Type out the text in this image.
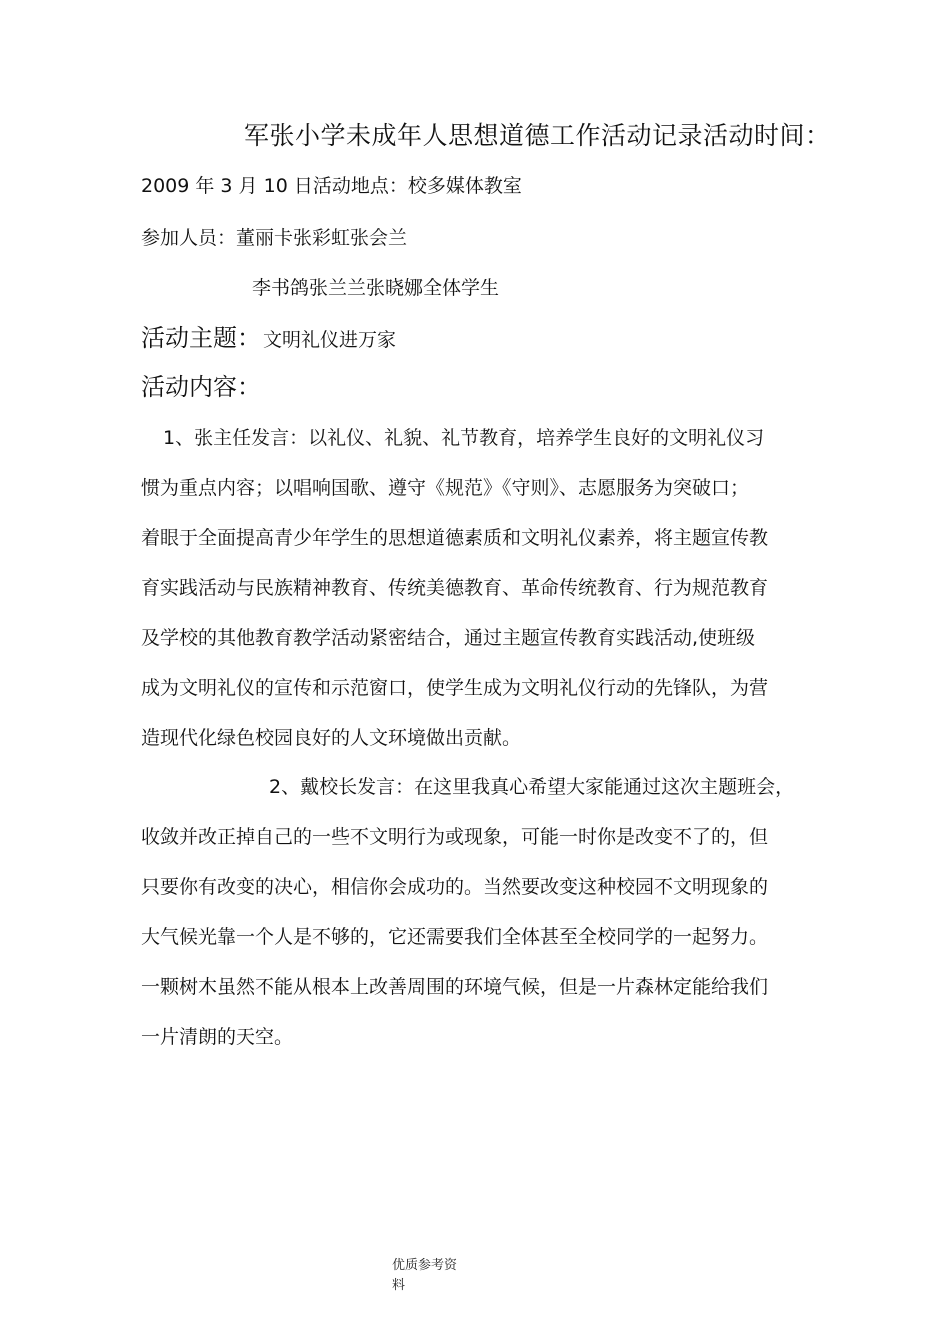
军张小学未成年人思想道德工作活动记录活动时间：
2009 年 3 月 10 日活动地点：校多媒体教室
参加人员：董丽卡张彩虹张会兰
李书鸽张兰兰张晓娜全体学生
活动主题： 文明礼仪进万家
活动内容：
1、张主任发言：以礼仪、礼貌、礼节教育，培养学生良好的文明礼仪习
惯为重点内容；以唱响国歌、遵守《规范》《守则》、志愿服务为突破口；
着眼于全面提高青少年学生的思想道德素质和文明礼仪素养，将主题宣传教
育实践活动与民族精神教育、传统美德教育、革命传统教育、行为规范教育
及学校的其他教育教学活动紧密结合，通过主题宣传教育实践活动,使班级
成为文明礼仪的宣传和示范窗口，使学生成为文明礼仪行动的先锋队，为营
造现代化绿色校园良好的人文环境做出贡献。
2、戴校长发言：在这里我真心希望大家能通过这次主题班会，
收敛并改正掉自己的一些不文明行为或现象，可能一时你是改变不了的，但
只要你有改变的决心，相信你会成功的。当然要改变这种校园不文明现象的
大气候光靠一个人是不够的，它还需要我们全体甚至全校同学的一起努力。
一颗树木虽然不能从根本上改善周围的环境气候，但是一片森林定能给我们
一片清朗的天空。
优质参考资
料
